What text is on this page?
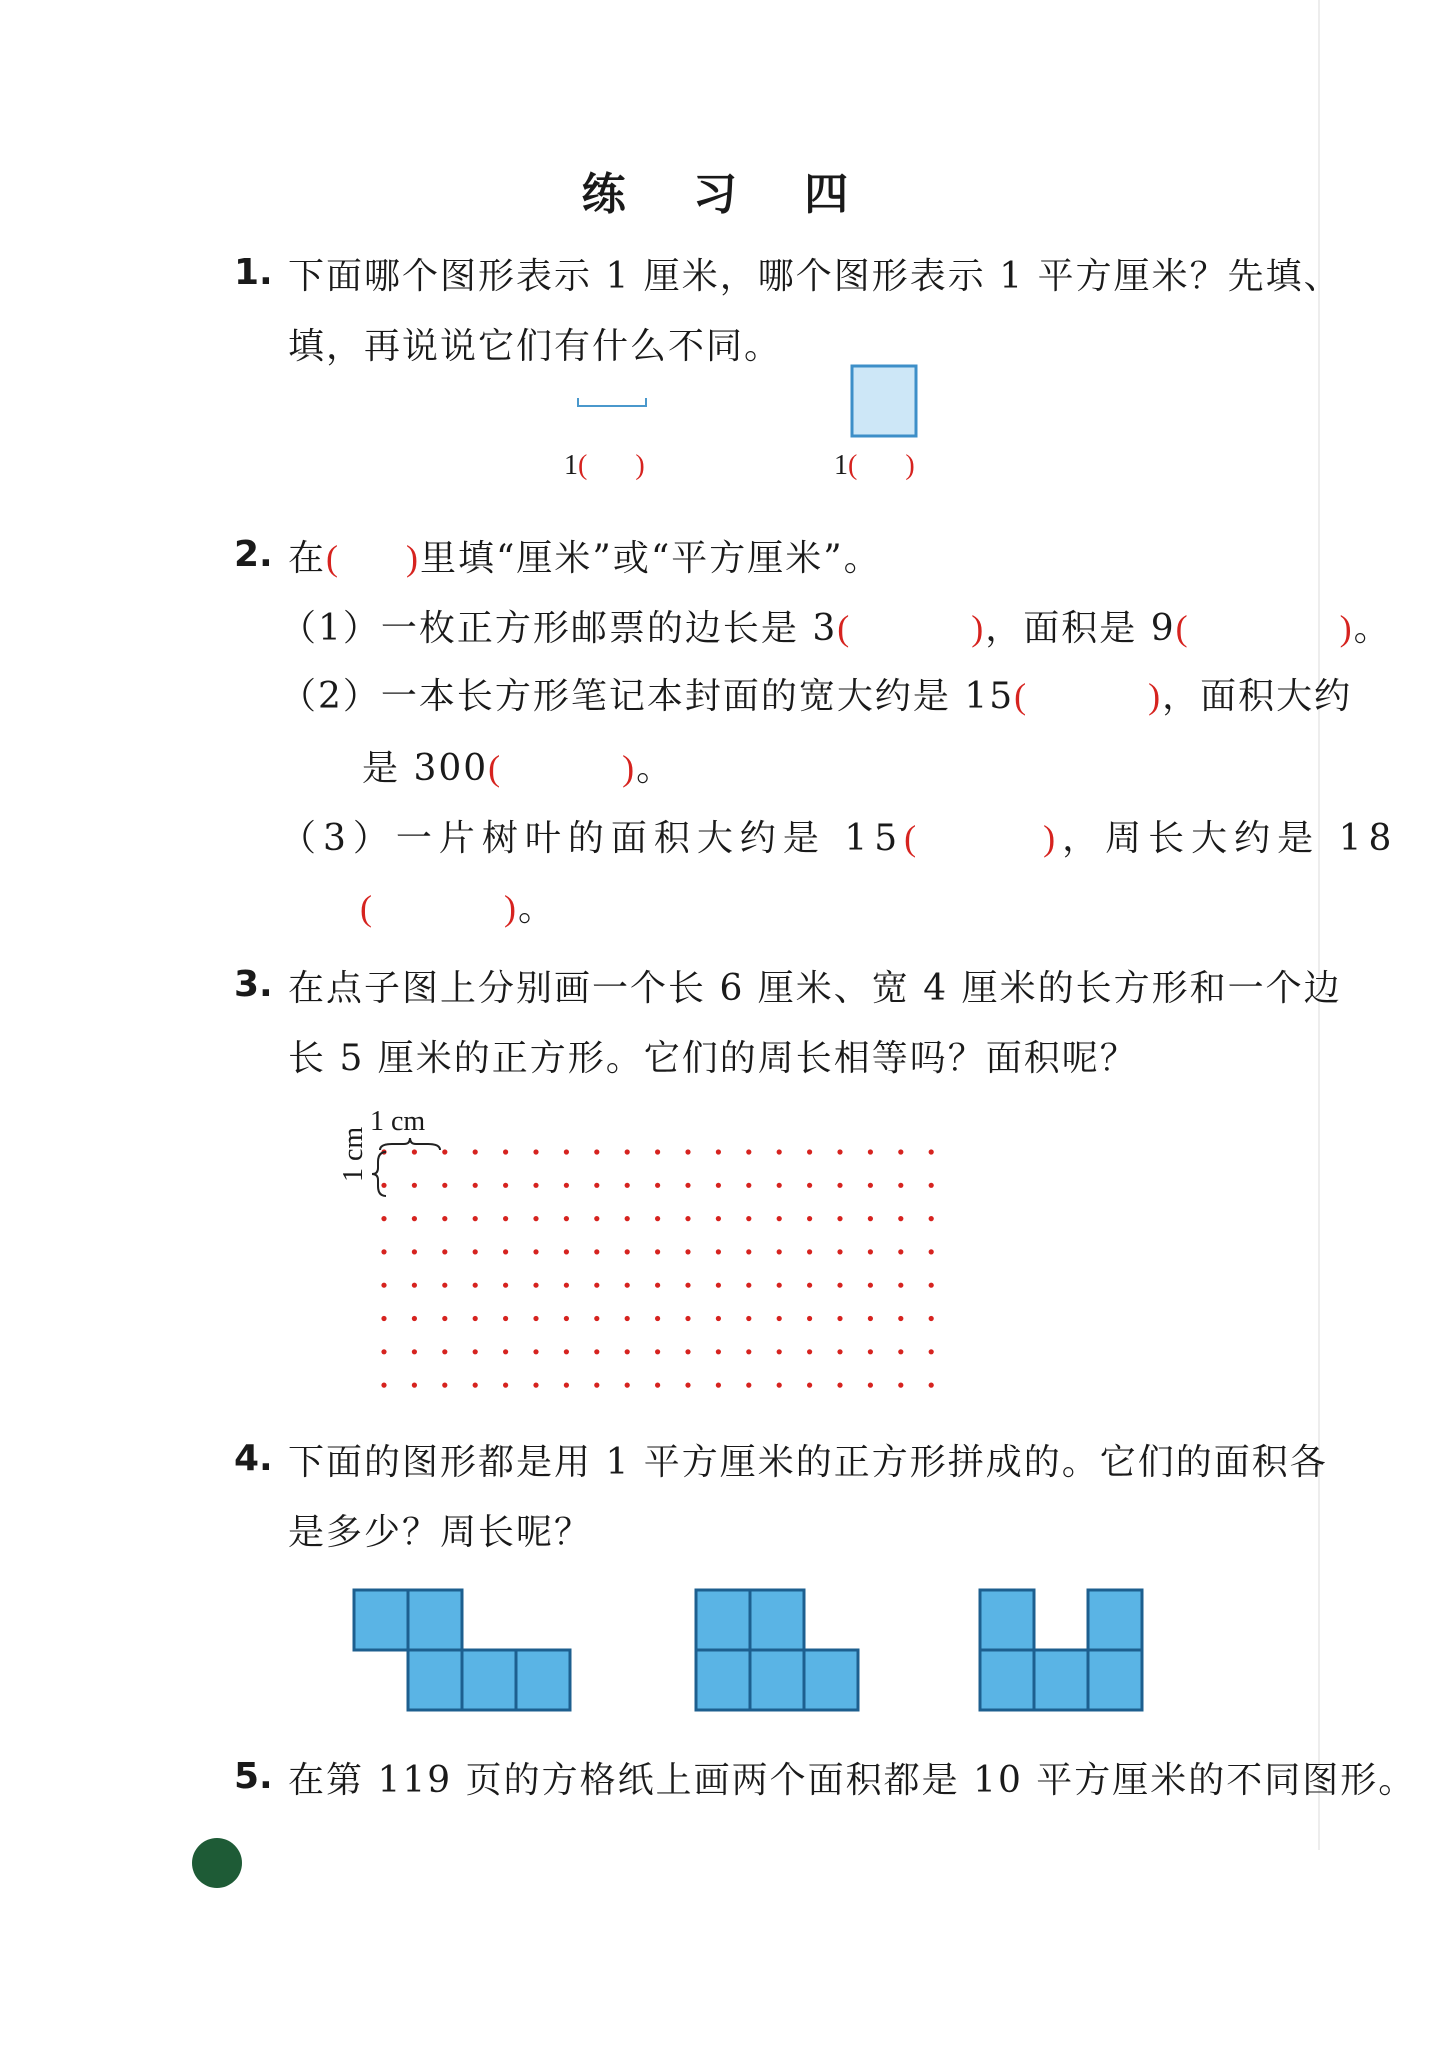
练 习 四
1. 下面哪个图形表示 1 厘米，哪个图形表示 1 平方厘米？先填、
填，再说说它们有什么不同。
1( )	1( )
2. 在( )里填“厘米”或“平方厘米”。
（1）一枚正方形邮票的边长是 3(	)，面积是 9(	)。
（2）一本长方形笔记本封面的宽大约是 15(	)，面积大约
是 300(	)。
（3）一片树叶的面积大约是 15(	)，周长大约是 18
(	)。
3. 在点子图上分别画一个长 6 厘米、宽 4 厘米的长方形和一个边
长 5 厘米的正方形。它们的周长相等吗？面积呢？
1 cm
1 cm
4. 下面的图形都是用 1 平方厘米的正方形拼成的。它们的面积各
是多少？周长呢？
5. 在第 119 页的方格纸上画两个面积都是 10 平方厘米的不同图形。
